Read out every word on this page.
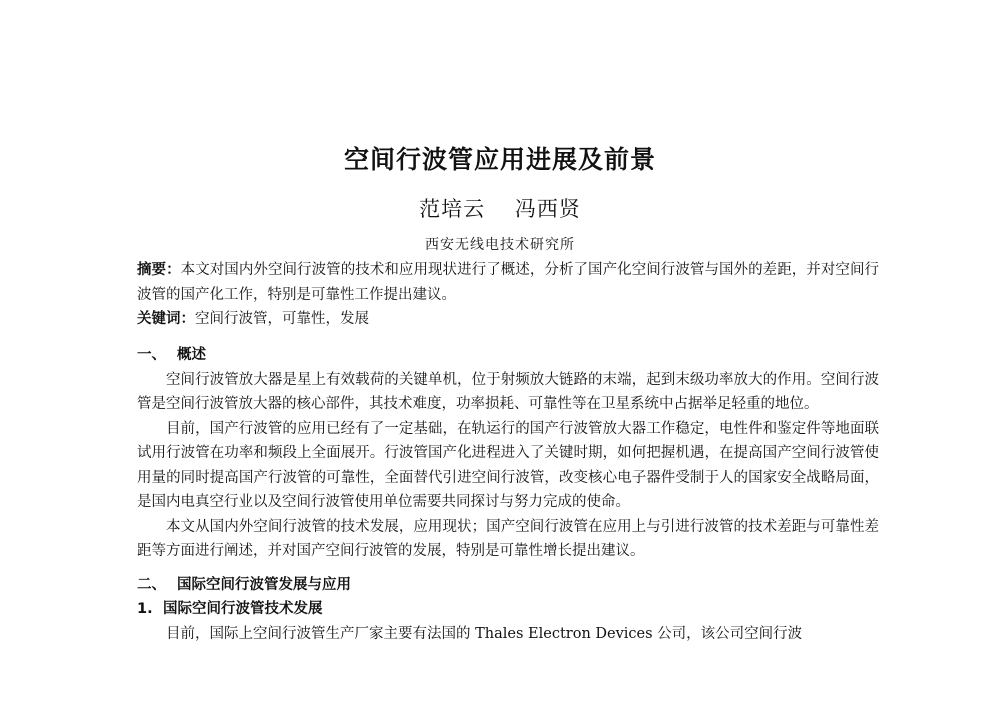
空间行波管应用进展及前景
范培云 冯西贤
西安无线电技术研究所
摘要：本文对国内外空间行波管的技术和应用现状进行了概述，分析了国产化空间行波管与国外的差距，并对空间行波管的国产化工作，特别是可靠性工作提出建议。
关键词：空间行波管，可靠性，发展

一、 概述

空间行波管放大器是星上有效载荷的关键单机，位于射频放大链路的末端，起到末级功率放大的作用。空间行波管是空间行波管放大器的核心部件，其技术难度，功率损耗、可靠性等在卫星系统中占据举足轻重的地位。

目前，国产行波管的应用已经有了一定基础，在轨运行的国产行波管放大器工作稳定，电性件和鉴定件等地面联试用行波管在功率和频段上全面展开。行波管国产化进程进入了关键时期，如何把握机遇，在提高国产空间行波管使用量的同时提高国产行波管的可靠性，全面替代引进空间行波管，改变核心电子器件受制于人的国家安全战略局面，是国内电真空行业以及空间行波管使用单位需要共同探讨与努力完成的使命。

本文从国内外空间行波管的技术发展，应用现状；国产空间行波管在应用上与引进行波管的技术差距与可靠性差距等方面进行阐述，并对国产空间行波管的发展，特别是可靠性增长提出建议。

二、 国际空间行波管发展与应用

1. 国际空间行波管技术发展

目前，国际上空间行波管生产厂家主要有法国的 Thales Electron Devices 公司，该公司空间行波
